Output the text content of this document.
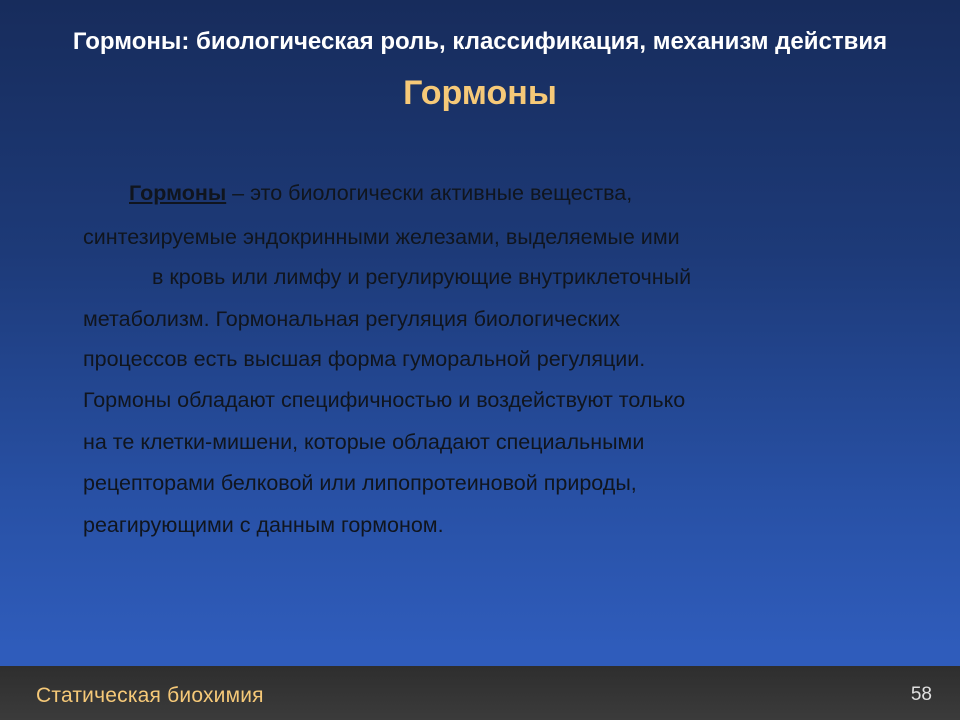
Гормоны: биологическая роль, классификация, механизм действия
Гормоны
Гормоны – это биологически активные вещества,
синтезируемые эндокринными железами, выделяемые ими
в кровь или лимфу и регулирующие внутриклеточный
метаболизм. Гормональная регуляция биологических
процессов есть высшая форма гуморальной регуляции.
Гормоны обладают специфичностью и воздействуют только
на те клетки-мишени, которые обладают специальными
рецепторами белковой или липопротеиновой природы,
реагирующими с данным гормоном.
Статическая биохимия	58
